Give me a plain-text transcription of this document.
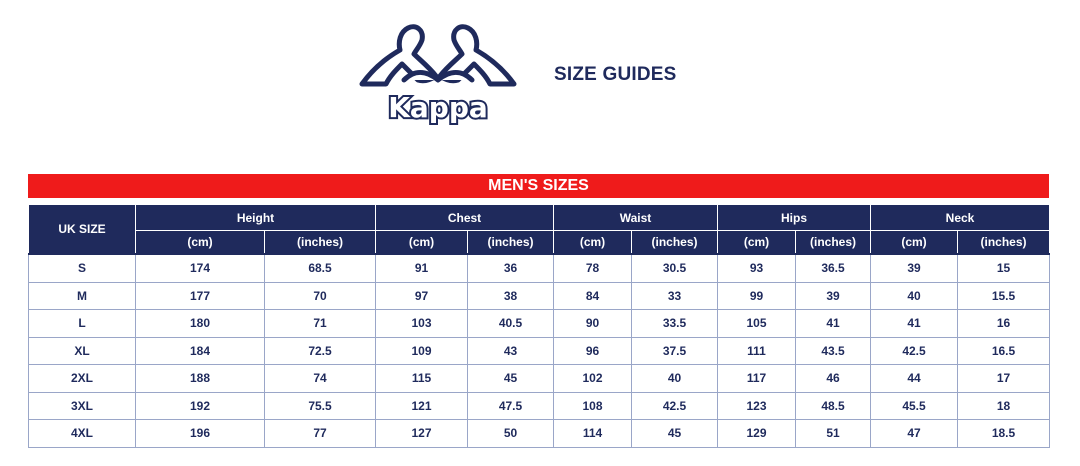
Kappa
SIZE GUIDES
MEN'S SIZES
UK SIZE	Height		Chest		Waist		Hips		Neck	
	(cm)	(inches)	(cm)	(inches)	(cm)	(inches)	(cm)	(inches)	(cm)	(inches)
S	174	68.5	91	36	78	30.5	93	36.5	39	15
M	177	70	97	38	84	33	99	39	40	15.5
L	180	71	103	40.5	90	33.5	105	41	41	16
XL	184	72.5	109	43	96	37.5	111	43.5	42.5	16.5
2XL	188	74	115	45	102	40	117	46	44	17
3XL	192	75.5	121	47.5	108	42.5	123	48.5	45.5	18
4XL	196	77	127	50	114	45	129	51	47	18.5
